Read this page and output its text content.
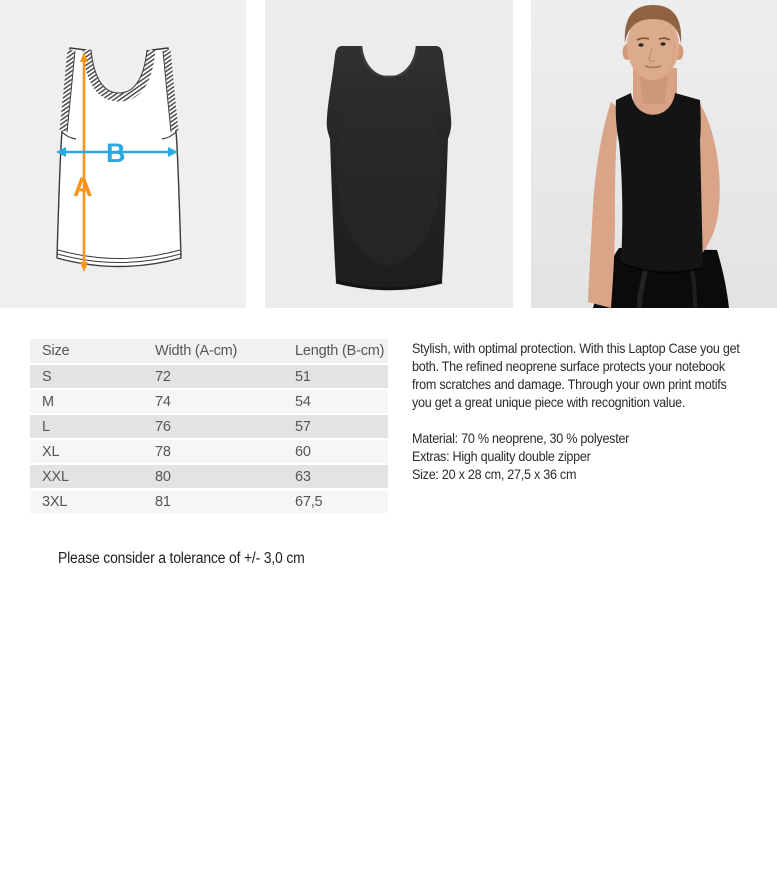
A
B
Size	Width (A-cm)	Length (B-cm)
S	72	51
M	74	54
L	76	57
XL	78	60
XXL	80	63
3XL	81	67,5

Stylish, with optimal protection. With this Laptop Case you get both. The refined neoprene surface protects your notebook from scratches and damage. Through your own print motifs you get a great unique piece with recognition value.

Material: 70 % neoprene, 30 % polyester

Extras: High quality double zipper

Size: 20 x 28 cm, 27,5 x 36 cm

Please consider a tolerance of +/- 3,0 cm
